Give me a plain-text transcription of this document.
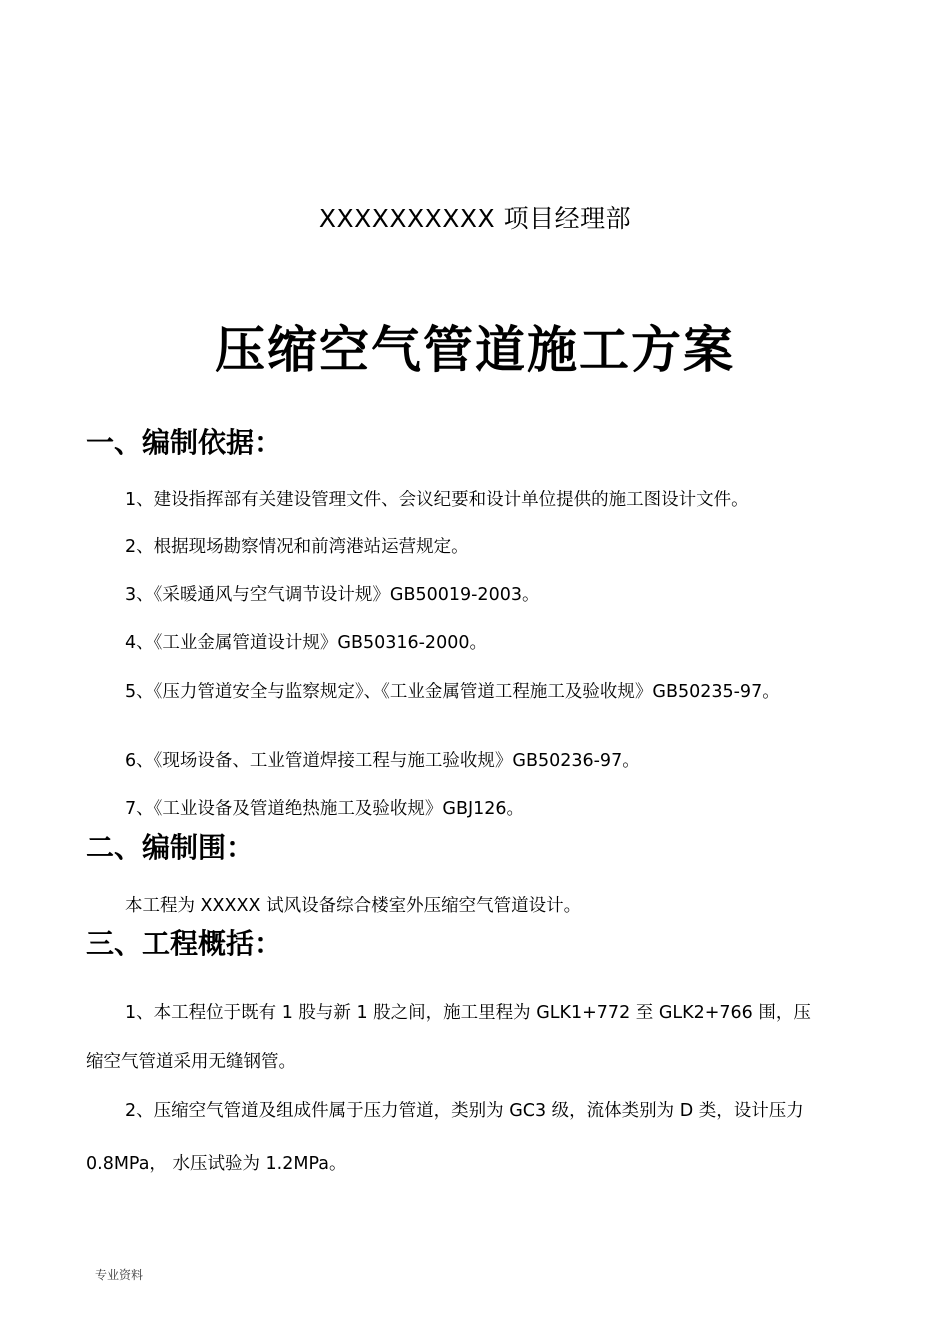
XXXXXXXXXX 项目经理部
压缩空气管道施工方案
一、编制依据：
1、建设指挥部有关建设管理文件、会议纪要和设计单位提供的施工图设计文件。
2、根据现场勘察情况和前湾港站运营规定。
3、《采暖通风与空气调节设计规》GB50019-2003。
4、《工业金属管道设计规》GB50316-2000。
5、《压力管道安全与监察规定》、《工业金属管道工程施工及验收规》GB50235-97。
6、《现场设备、工业管道焊接工程与施工验收规》GB50236-97。
7、《工业设备及管道绝热施工及验收规》GBJ126。
二、编制围：
本工程为 XXXXX 试风设备综合楼室外压缩空气管道设计。
三、工程概括：
1、本工程位于既有 1 股与新 1 股之间，施工里程为 GLK1+772 至 GLK2+766 围，压缩空气管道采用无缝钢管。
2、压缩空气管道及组成件属于压力管道，类别为 GC3 级，流体类别为 D 类，设计压力 0.8MPa， 水压试验为 1.2MPa。
专业资料
